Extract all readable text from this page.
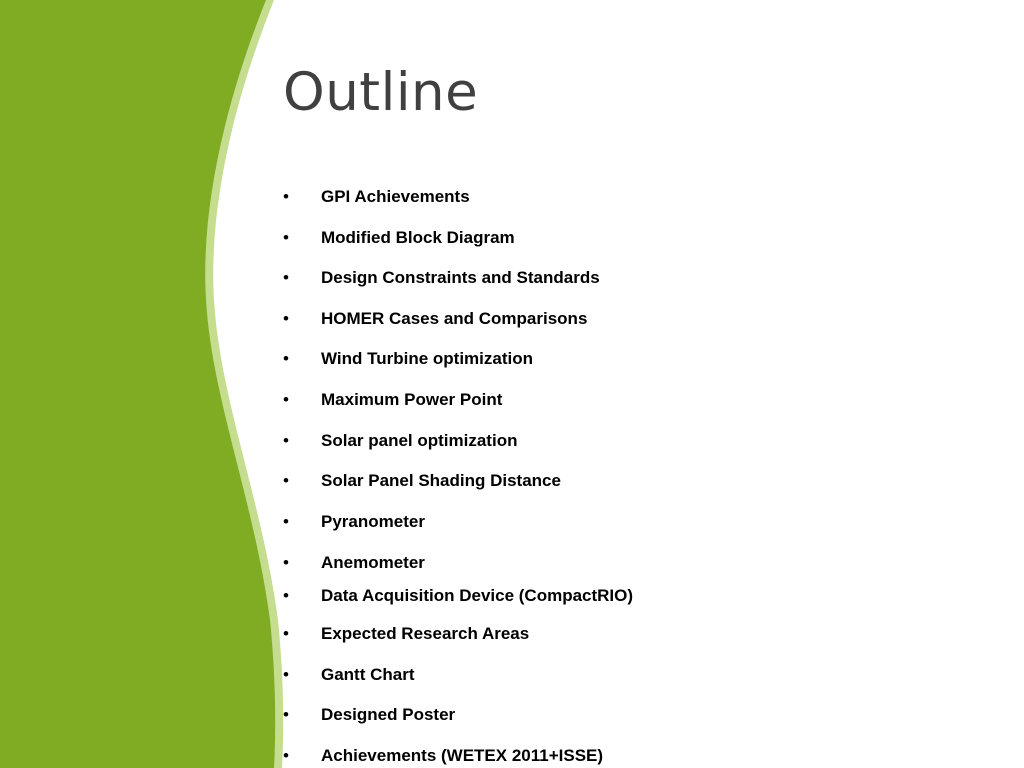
Outline
•	GPI Achievements
•	Modified Block Diagram
•	Design Constraints and Standards
•	HOMER Cases and Comparisons
•	Wind Turbine optimization
•	Maximum Power Point
•	Solar panel optimization
•	Solar Panel Shading Distance
•	Pyranometer
•	Anemometer
•	Data Acquisition Device (CompactRIO)
•	Expected Research Areas
•	Gantt Chart
•	Designed Poster
•	Achievements (WETEX 2011+ISSE)
